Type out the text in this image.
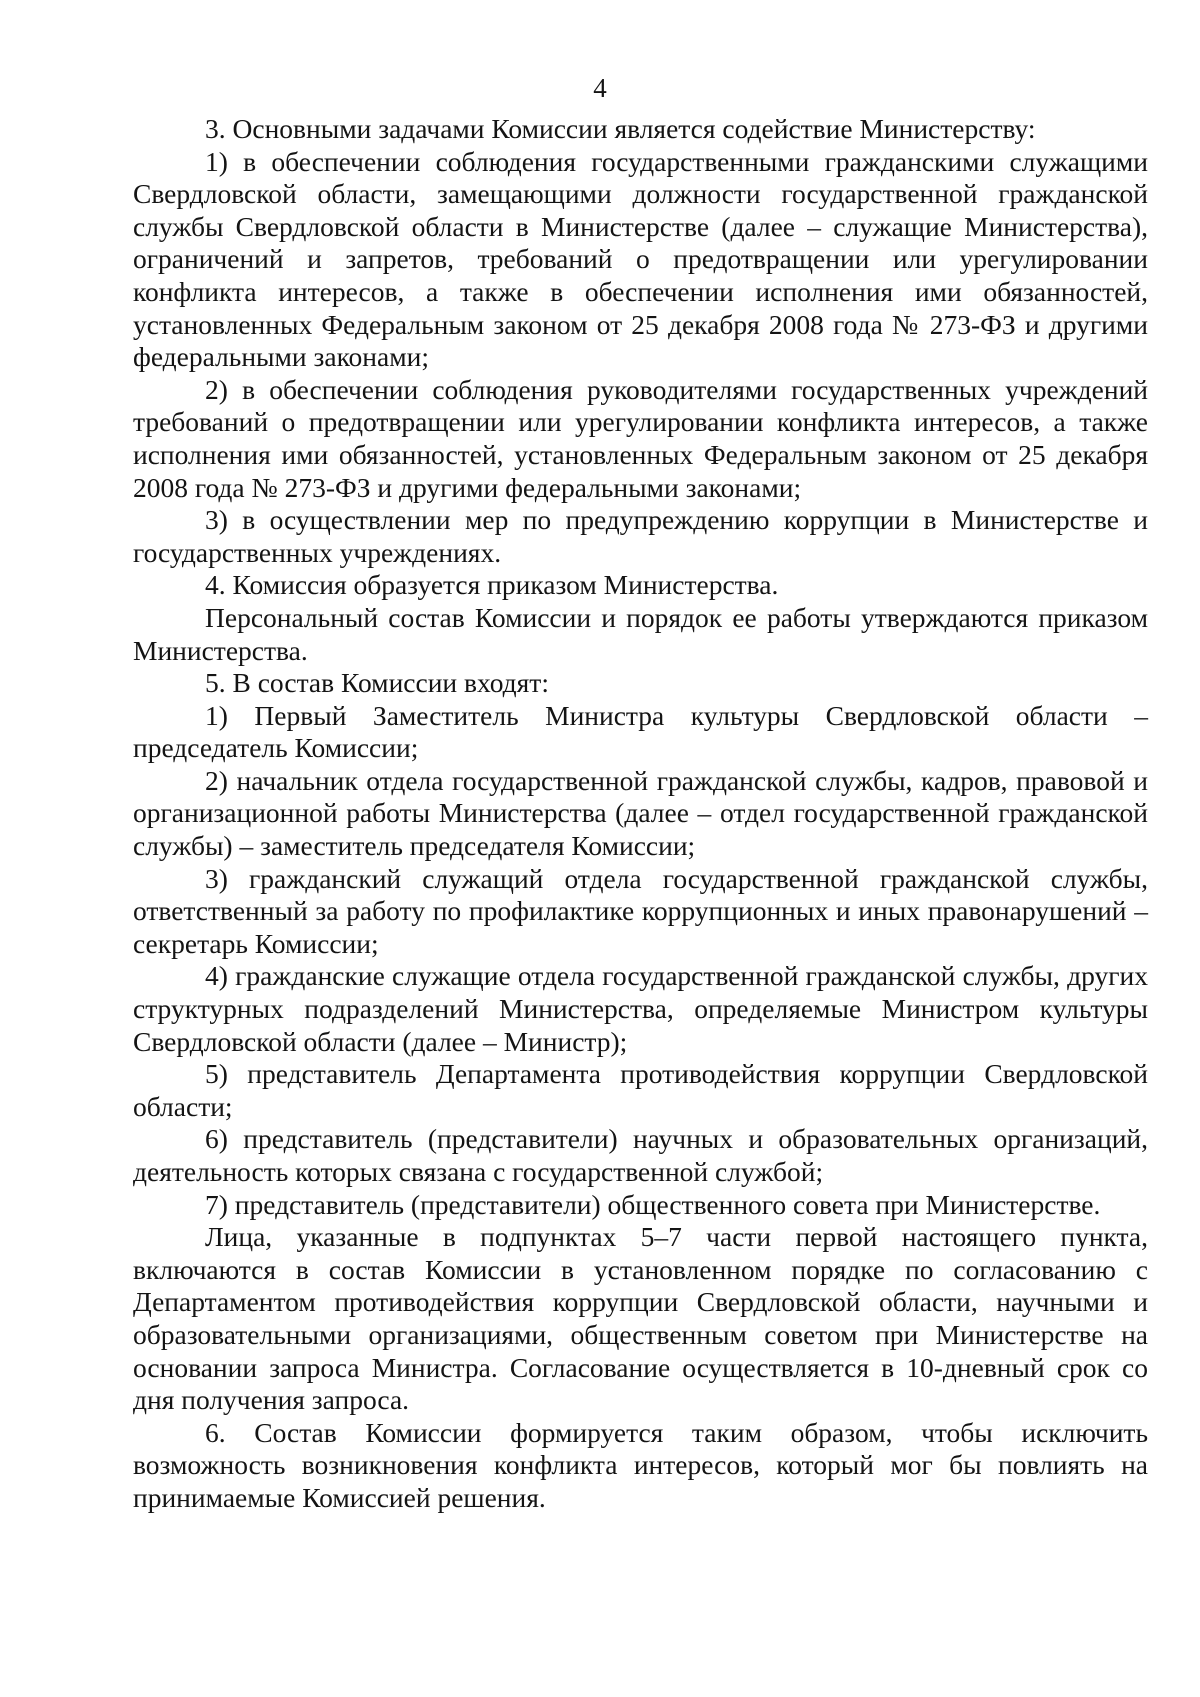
4

3. Основными задачами Комиссии является содействие Министерству:

1) в обеспечении соблюдения государственными гражданскими служащими Свердловской области, замещающими должности государственной гражданской службы Свердловской области в Министерстве (далее – служащие Министерства), ограничений и запретов, требований о предотвращении или урегулировании конфликта интересов, а также в обеспечении исполнения ими обязанностей, установленных Федеральным законом от 25 декабря 2008 года № 273-ФЗ и другими федеральными законами;

2) в обеспечении соблюдения руководителями государственных учреждений требований о предотвращении или урегулировании конфликта интересов, а также исполнения ими обязанностей, установленных Федеральным законом от 25 декабря 2008 года № 273-ФЗ и другими федеральными законами;

3) в осуществлении мер по предупреждению коррупции в Министерстве и государственных учреждениях.

4. Комиссия образуется приказом Министерства.

Персональный состав Комиссии и порядок ее работы утверждаются приказом Министерства.

5. В состав Комиссии входят:

1) Первый Заместитель Министра культуры Свердловской области – председатель Комиссии;

2) начальник отдела государственной гражданской службы, кадров, правовой и организационной работы Министерства (далее – отдел государственной гражданской службы) – заместитель председателя Комиссии;

3) гражданский служащий отдела государственной гражданской службы, ответственный за работу по профилактике коррупционных и иных правонарушений – секретарь Комиссии;

4) гражданские служащие отдела государственной гражданской службы, других структурных подразделений Министерства, определяемые Министром культуры Свердловской области (далее – Министр);

5) представитель Департамента противодействия коррупции Свердловской области;

6) представитель (представители) научных и образовательных организаций, деятельность которых связана с государственной службой;

7) представитель (представители) общественного совета при Министерстве.

Лица, указанные в подпунктах 5–7 части первой настоящего пункта, включаются в состав Комиссии в установленном порядке по согласованию с Департаментом противодействия коррупции Свердловской области, научными и образовательными организациями, общественным советом при Министерстве на основании запроса Министра. Согласование осуществляется в 10-дневный срок со дня получения запроса.

6. Состав Комиссии формируется таким образом, чтобы исключить возможность возникновения конфликта интересов, который мог бы повлиять на принимаемые Комиссией решения.
